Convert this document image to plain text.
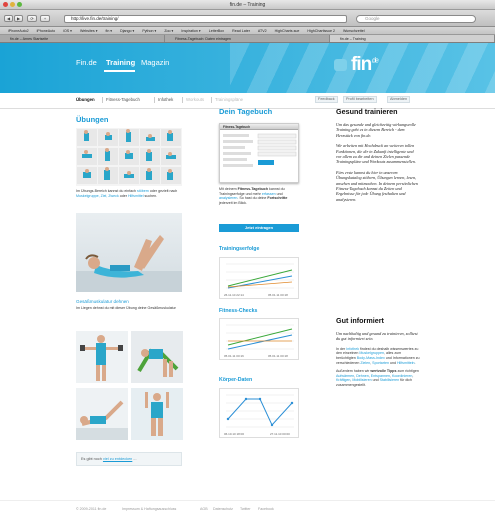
fin.de – Training
◀	▶	⟳	+	http://live.fin.de/training/	Google
iPhoneAuto2 iPhoneAuto iOS ▾ Websites ▾ fin ▾ Django ▾ Python ▾ Zoo ▾ Inspiration ▾ LetterBox Read Later ATV2 HighCharts.sue HighChartissue 2 Wunschzettel
fin.de – Arnes Startseite	Fitness-Tagebuch: Daten eintragen	fin.de – Training
Fin.de Training Magazin	fin$^{.de}$
Übungen	Fitness-Tagebuch	Infothek	Workouts	Trainingspläne	Feedback	Profil bearbeiten	Abmelden
Übungen
Im Übungs-Bereich kannst du einfach stöbern oder gezielt nach Muskelgruppe, Ziel, Zweck oder Hilfsmittel suchen.
Gesäßmuskulatur dehnen
Im Liegen dehnst du mit dieser Übung deine Gesäßmuskulatur
Es gibt noch viel zu entdecken ...
Dein Tagebuch
Fitness-Tagebuch
Mit deinem Fitness-Tagebuch kannst du Trainingserfolge und mehr erfassen und analysieren. So hast du deine Fortschritte jederzeit im Blick.
Jetzt eintragen
Trainingserfolge
26.11.10 22:14	05.01.11 00:18
Fitness-Checks
05.01.11 00:16	05.01.11 00:18
Körper-Daten
06.10.10 18:00	27.11.10 00:00
Gesund trainieren

Um das gesunde und gleichzeitig wirkungsvolle Training geht es in diesem Bereich - dem Herzstück von fin.de.

Wir arbeiten mit Hochdruck an weiteren tollen Funktionen, die dir in Zukunft intelligente und vor allem zu dir und deinen Zielen passende Trainingspläne und Workouts zusammenstellen.

Fürs erste kannst du hier in unserem Übungskatalog stöbern, Übungen lernen, lesen, ansehen und mitmachen. In deinem persönlichen Fitness-Tagebuch kannst du Zeiten und Ergebnisse für jede Übung festhalten und analysieren.

Gut informiert

Um nachhaltig und gesund zu trainieren, solltest du gut informiert sein.

In der Infothek findest du deshalb wissenswertes zu den einzelnen Muskelgruppen, alles zum berüchtigten Body-Mass-Index und Informationen zu verschiedenen Zielen, Sportarten und Hilfsmitteln.
Außerdem haben wir wertvolle Tipps zum richtigen Aufwärmen, Dehnen, Entspannen, Koordinieren, Kräftigen, Mobilisieren und Stabilisieren für dich zusammengestellt.
© 2009-2011 fin.de	Impressum & Haftungsausschluss	AGB Datenschutz Twitter Facebook
